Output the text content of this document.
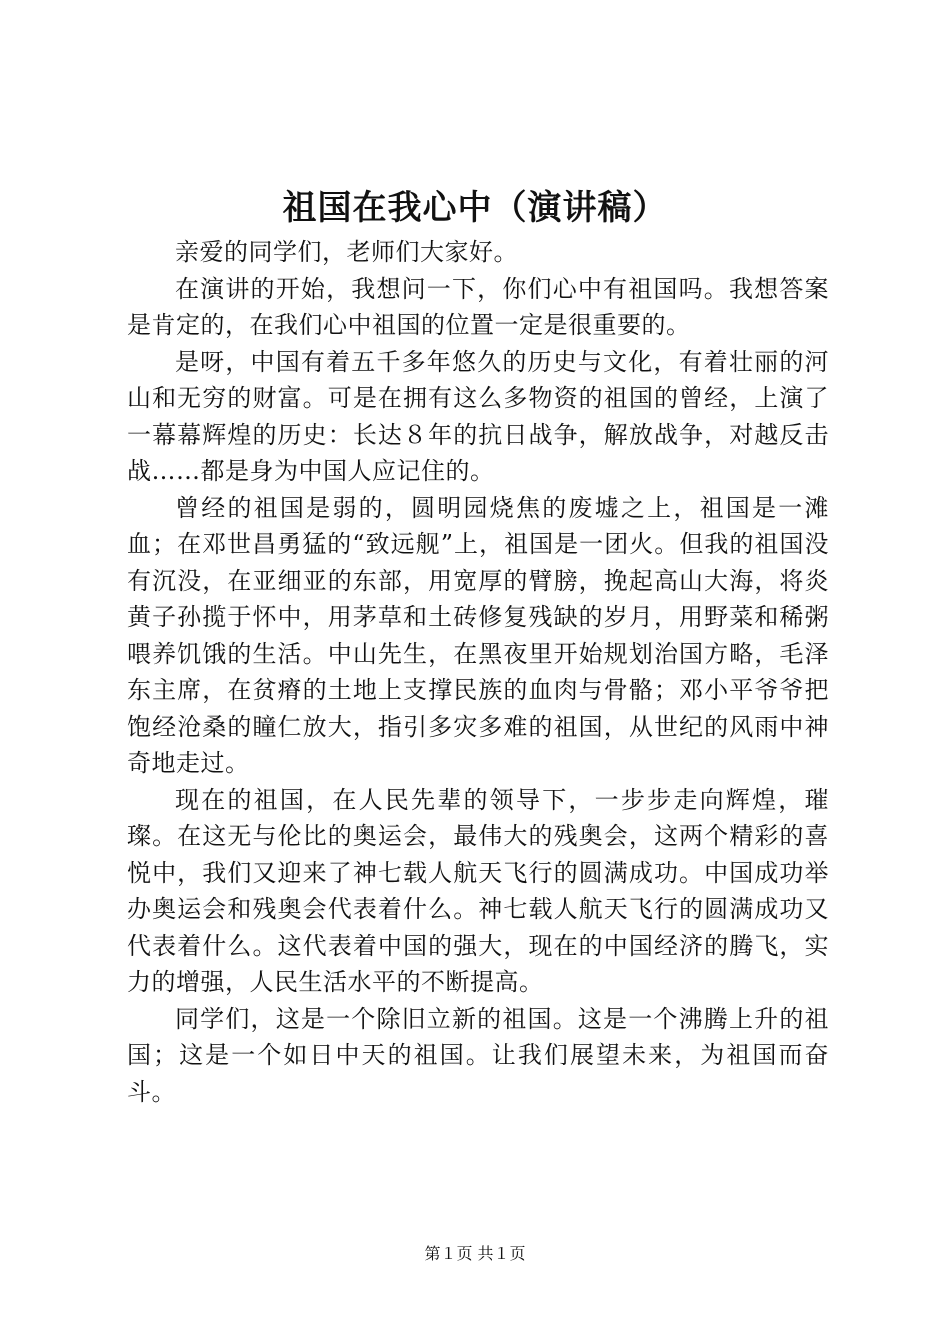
祖国在我心中（演讲稿）

亲爱的同学们，老师们大家好。

在演讲的开始，我想问一下，你们心中有祖国吗。我想答案是肯定的，在我们心中祖国的位置一定是很重要的。

是呀，中国有着五千多年悠久的历史与文化，有着壮丽的河山和无穷的财富。可是在拥有这么多物资的祖国的曾经，上演了一幕幕辉煌的历史：长达８年的抗日战争，解放战争，对越反击战……都是身为中国人应记住的。

曾经的祖国是弱的，圆明园烧焦的废墟之上，祖国是一滩血；在邓世昌勇猛的“致远舰”上，祖国是一团火。但我的祖国没有沉没，在亚细亚的东部，用宽厚的臂膀，挽起高山大海，将炎黄子孙揽于怀中，用茅草和土砖修复残缺的岁月，用野菜和稀粥喂养饥饿的生活。中山先生，在黑夜里开始规划治国方略，毛泽东主席，在贫瘠的土地上支撑民族的血肉与骨骼；邓小平爷爷把饱经沧桑的瞳仁放大，指引多灾多难的祖国，从世纪的风雨中神奇地走过。

现在的祖国，在人民先辈的领导下，一步步走向辉煌，璀璨。在这无与伦比的奥运会，最伟大的残奥会，这两个精彩的喜悦中，我们又迎来了神七载人航天飞行的圆满成功。中国成功举办奥运会和残奥会代表着什么。神七载人航天飞行的圆满成功又代表着什么。这代表着中国的强大，现在的中国经济的腾飞，实力的增强，人民生活水平的不断提高。

同学们，这是一个除旧立新的祖国。这是一个沸腾上升的祖国；这是一个如日中天的祖国。让我们展望未来，为祖国而奋斗。

第１页 共１页
